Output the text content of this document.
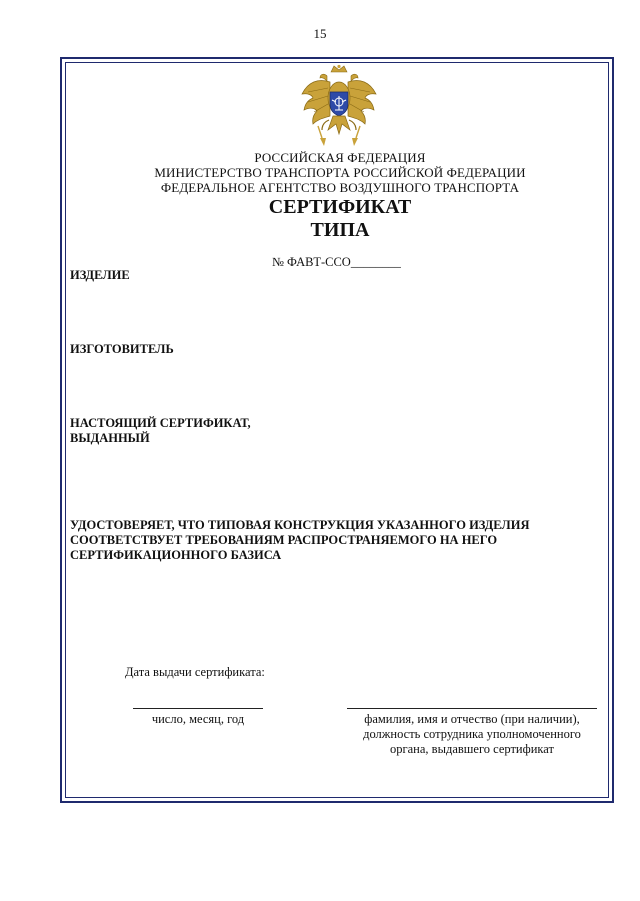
15
РОССИЙСКАЯ ФЕДЕРАЦИЯ
МИНИСТЕРСТВО ТРАНСПОРТА РОССИЙСКОЙ ФЕДЕРАЦИИ
ФЕДЕРАЛЬНОЕ АГЕНТСТВО ВОЗДУШНОГО ТРАНСПОРТА
СЕРТИФИКАТ
ТИПА
№ ФАВТ-ССО________
ИЗДЕЛИЕ
ИЗГОТОВИТЕЛЬ
НАСТОЯЩИЙ СЕРТИФИКАТ,
ВЫДАННЫЙ
УДОСТОВЕРЯЕТ, ЧТО ТИПОВАЯ КОНСТРУКЦИЯ УКАЗАННОГО ИЗДЕЛИЯ
СООТВЕТСТВУЕТ ТРЕБОВАНИЯМ РАСПРОСТРАНЯЕМОГО НА НЕГО
СЕРТИФИКАЦИОННОГО БАЗИСА
Дата выдачи сертификата:
число, месяц, год	фамилия, имя и отчество (при наличии),
должность сотрудника уполномоченного
органа, выдавшего сертификат
